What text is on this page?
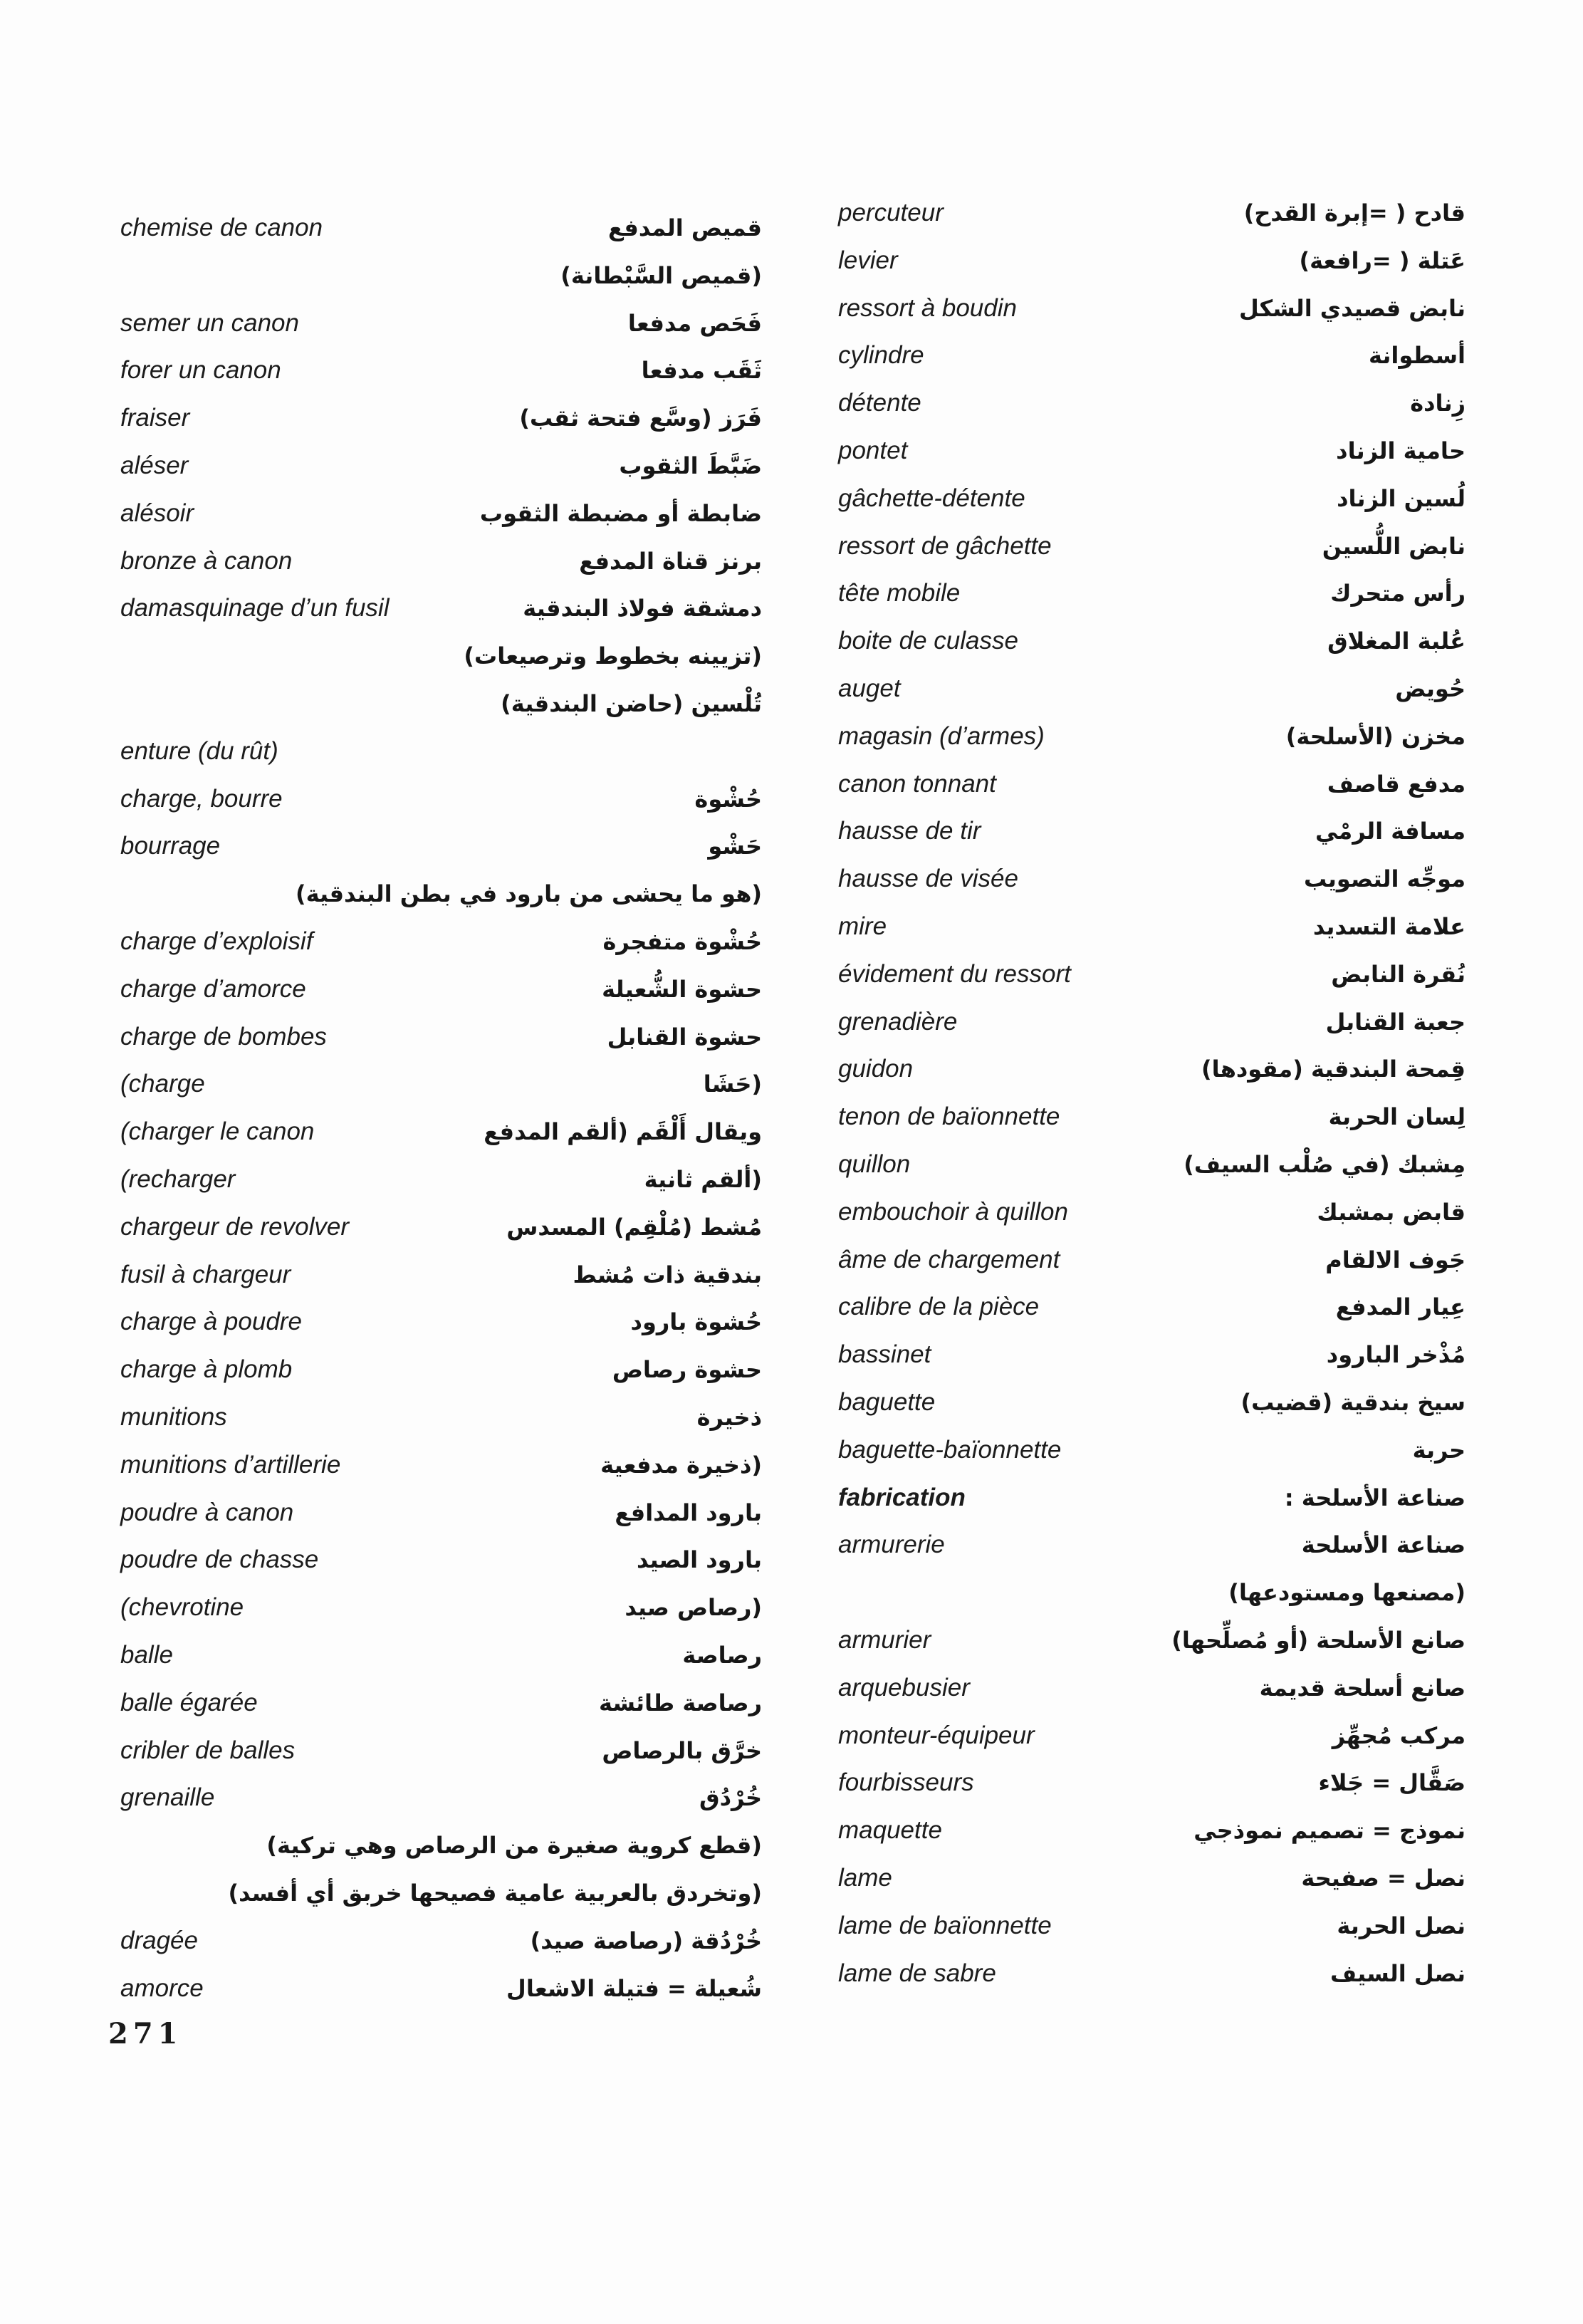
chemise de canon	قميص المدفع
(قميص السَّبْطانة)
semer un canon	فَحَص مدفعا
forer un canon	ثَقَب مدفعا
fraiser	فَرَز (وسَّع فتحة ثقب)
aléser	ضَبَّطَ الثقوب
alésoir	ضابطة أو مضبطة الثقوب
bronze à canon	برنز قناة المدفع
damasquinage d’un fusil	دمشقة فولاذ البندقية
(تزيينه بخطوط وترصيعات)
تُلْسين (حاضن البندقية)
enture (du rût)
charge, bourre	حُشْوة
bourrage	حَشْو
(هو ما يحشى من بارود في بطن البندقية)
charge d’exploisif	حُشْوة متفجرة
charge d’amorce	حشوة الشُّعيلة
charge de bombes	حشوة القنابل
(charge	(حَشَا
(charger le canon	ويقال أَلْقَم (ألقم المدفع
(recharger	(ألقم ثانية
chargeur de revolver	مُشط (مُلْقِم) المسدس
fusil à chargeur	بندقية ذات مُشط
charge à poudre	حُشوة بارود
charge à plomb	حشوة رصاص
munitions	ذخيرة
munitions d’artillerie	(ذخيرة مدفعية
poudre à canon	بارود المدافع
poudre de chasse	بارود الصيد
(chevrotine	(رصاص صيد
balle	رصاصة
balle égarée	رصاصة طائشة
cribler de balles	خرَّق بالرصاص
grenaille	خُرْدُق
(قطع كروية صغيرة من الرصاص وهي تركية)
(وتخردق بالعربية عامية فصيحها خربق أي أفسد)
dragée	خُرْدُقة (رصاصة صيد)
amorce	شُعيلة = فتيلة الاشعال
percuteur	قادح ( =إبرة القدح)
levier	عَتلة ( =رافعة)
ressort à boudin	نابض قصيدي الشكل
cylindre	أسطوانة
détente	زِنادة
pontet	حامية الزناد
gâchette-détente	لُسين الزناد
ressort de gâchette	نابض اللُّسين
tête mobile	رأس متحرك
boite de culasse	عُلبة المغلاق
auget	حُويض
magasin (d’armes)	مخزن (الأسلحة)
canon tonnant	مدفع قاصف
hausse de tir	مسافة الرمْي
hausse de visée	موجِّه التصويب
mire	علامة التسديد
évidement du ressort	نُقرة النابض
grenadière	جعبة القنابل
guidon	قِمحة البندقية (مقودها)
tenon de baïonnette	لِسان الحربة
quillon	مِشبك (في صُلْب السيف)
embouchoir à quillon	قابض بمشبك
âme de chargement	جَوف الالقام
calibre de la pièce	عِيار المدفع
bassinet	مُذْخر البارود
baguette	سيخ بندقية (قضيب)
baguette-baïonnette	حربة
fabrication	صناعة الأسلحة :
armurerie	صناعة الأسلحة
(مصنعها ومستودعها)
armurier	صانع الأسلحة (أو مُصلِّحها)
arquebusier	صانع أسلحة قديمة
monteur-équipeur	مركب مُجهِّز
fourbisseurs	صَقَّال = جَلاء
maquette	نموذج = تصميم نموذجي
lame	نصل = صفيحة
lame de baïonnette	نصل الحربة
lame de sabre	نصل السيف
271
